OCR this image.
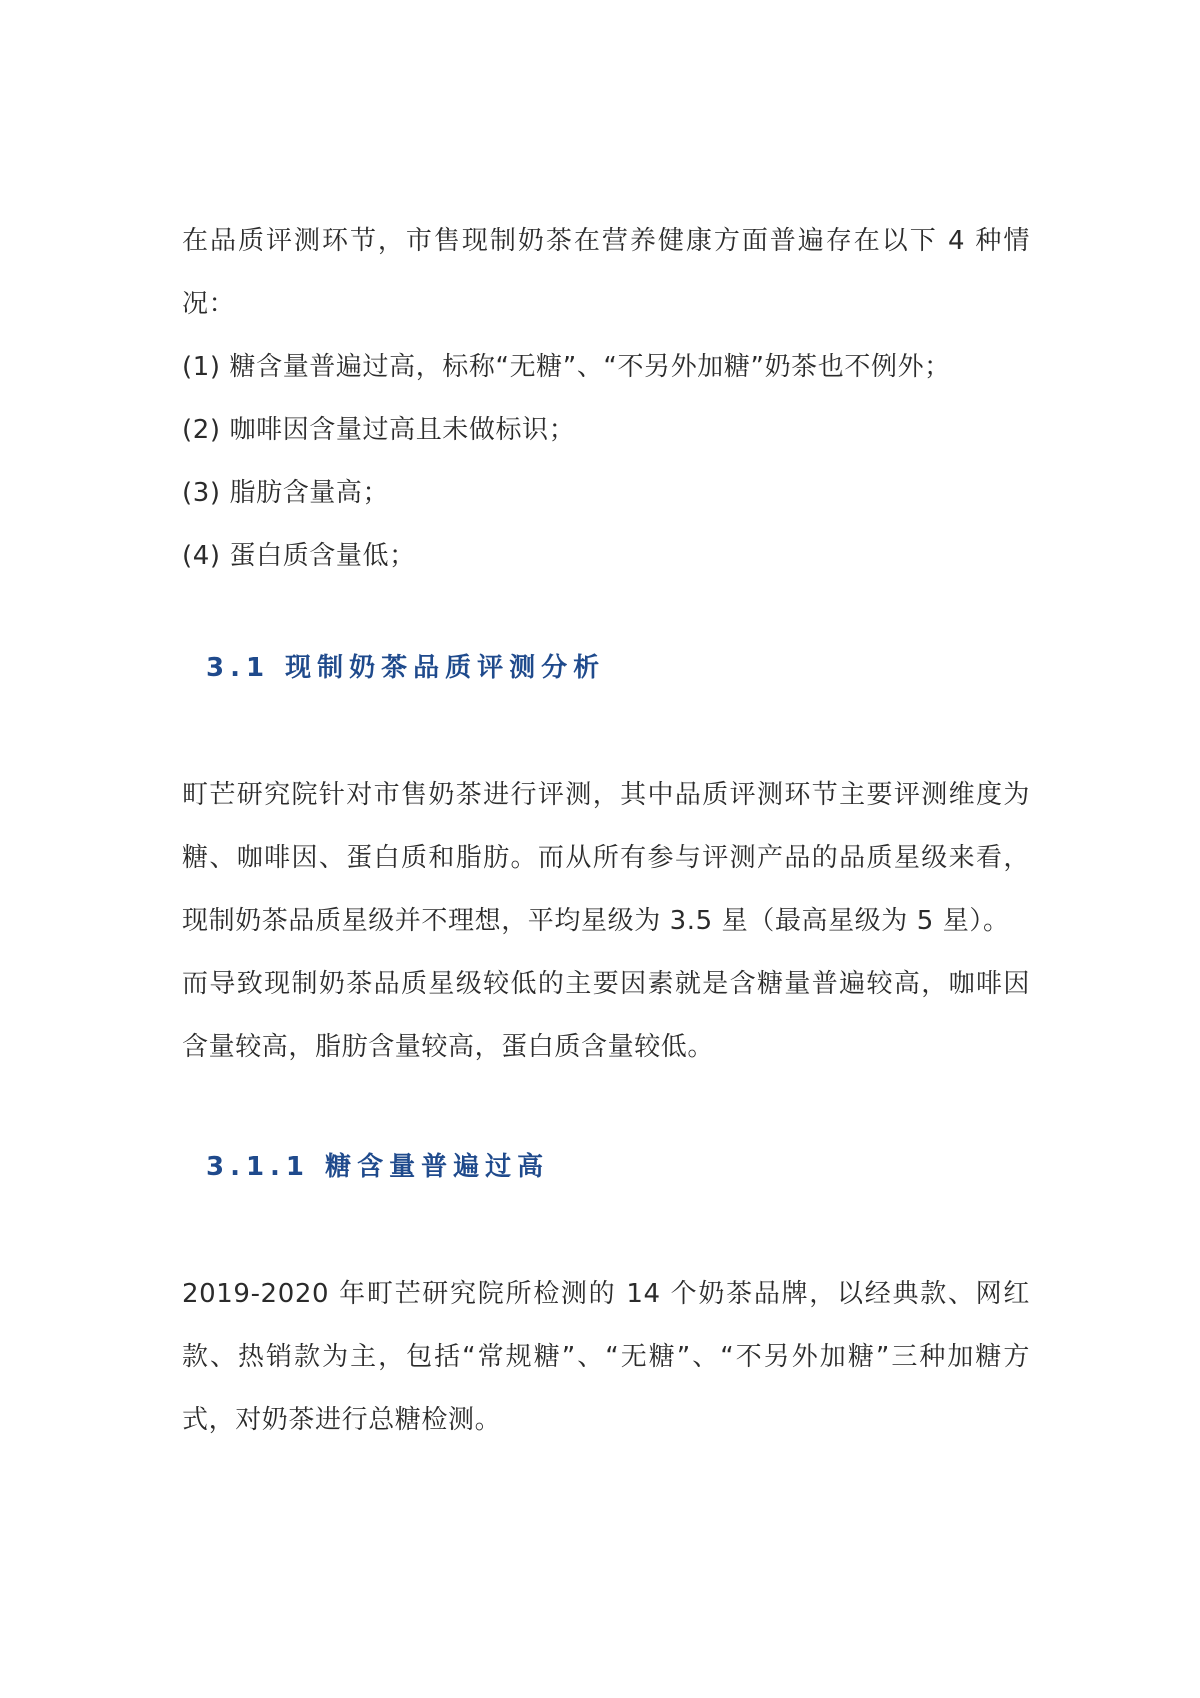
在品质评测环节，市售现制奶茶在营养健康方面普遍存在以下 4 种情况：

(1) 糖含量普遍过高，标称“无糖”、“不另外加糖”奶茶也不例外；

(2) 咖啡因含量过高且未做标识；

(3) 脂肪含量高；

(4) 蛋白质含量低；

3.1 现制奶茶品质评测分析

町芒研究院针对市售奶茶进行评测，其中品质评测环节主要评测维度为糖、咖啡因、蛋白质和脂肪。而从所有参与评测产品的品质星级来看，现制奶茶品质星级并不理想，平均星级为 3.5 星（最高星级为 5 星）。

而导致现制奶茶品质星级较低的主要因素就是含糖量普遍较高，咖啡因含量较高，脂肪含量较高，蛋白质含量较低。

3.1.1 糖含量普遍过高

2019-2020 年町芒研究院所检测的 14 个奶茶品牌，以经典款、网红款、热销款为主，包括“常规糖”、“无糖”、“不另外加糖”三种加糖方式，对奶茶进行总糖检测。
